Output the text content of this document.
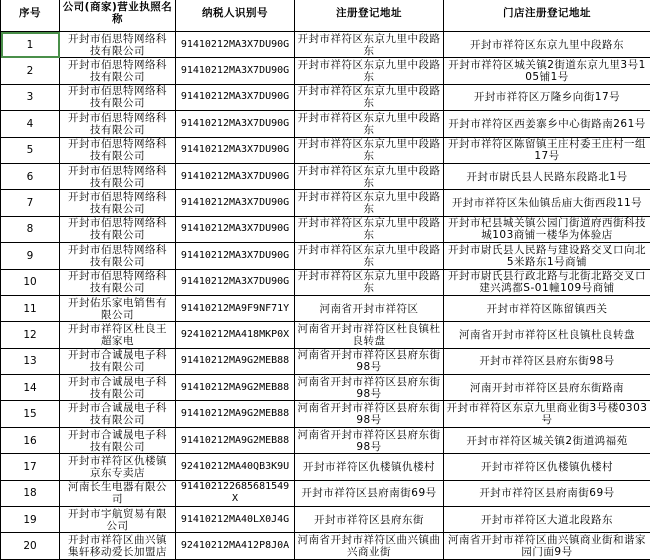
序号	公司(商家)营业执照名称	纳税人识别号	注册登记地址	门店注册登记地址
1	开封市佰思特网络科技有限公司	91410212MA3X7DU90G	开封市祥符区东京九里中段路东	开封市祥符区东京九里中段路东
2	开封市佰思特网络科技有限公司	91410212MA3X7DU90G	开封市祥符区东京九里中段路东	开封市祥符区城关镇2街道东京九里3号105铺1号
3	开封市佰思特网络科技有限公司	91410212MA3X7DU90G	开封市祥符区东京九里中段路东	开封市祥符区万隆乡向街17号
4	开封市佰思特网络科技有限公司	91410212MA3X7DU90G	开封市祥符区东京九里中段路东	开封市祥符区西姜寨乡中心街路南261号
5	开封市佰思特网络科技有限公司	91410212MA3X7DU90G	开封市祥符区东京九里中段路东	开封市祥符区陈留镇王庄村委王庄村一组17号
6	开封市佰思特网络科技有限公司	91410212MA3X7DU90G	开封市祥符区东京九里中段路东	开封市尉氏县人民路东段路北1号
7	开封市佰思特网络科技有限公司	91410212MA3X7DU90G	开封市祥符区东京九里中段路东	开封市祥符区朱仙镇岳庙大街西段11号
8	开封市佰思特网络科技有限公司	91410212MA3X7DU90G	开封市祥符区东京九里中段路东	开封市杞县城关镇公园门街道府西街科技城103商铺一楼华为体验店
9	开封市佰思特网络科技有限公司	91410212MA3X7DU90G	开封市祥符区东京九里中段路东	开封市尉氏县人民路与建设路交叉口向北5米路东1号商铺
10	开封市佰思特网络科技有限公司	91410212MA3X7DU90G	开封市祥符区东京九里中段路东	开封市尉氏县行政北路与北街北路交叉口建兴鸿都S-01幢109号商铺
11	开封佑乐家电销售有限公司	91410212MA9F9NF71Y	河南省开封市祥符区	开封市祥符区陈留镇西关
12	开封市祥符区杜良王超家电	92410212MA418MKP0X	河南省开封市祥符区杜良镇杜良转盘	河南省开封市祥符区杜良镇杜良转盘
13	开封市合诚晟电子科技有限公司	91410212MA9G2MEB88	河南省开封市祥符区县府东街98号	开封市祥符区县府东街98号
14	开封市合诚晟电子科技有限公司	91410212MA9G2MEB88	河南省开封市祥符区县府东街98号	河南开封市祥符区县府东街路南
15	开封市合诚晟电子科技有限公司	91410212MA9G2MEB88	河南省开封市祥符区县府东街98号	开封市祥符区东京九里商业街3号楼0303号
16	开封市合诚晟电子科技有限公司	91410212MA9G2MEB88	河南省开封市祥符区县府东街98号	开封市祥符区城关镇2街道鸿福苑
17	开封市祥符区仇楼镇京东专卖店	92410212MA40QB3K9U	开封市祥符区仇楼镇仇楼村	开封市祥符区仇楼镇仇楼村
18	河南长生电器有限公司	914102122685681549X	开封市祥符区县府南街69号	开封市祥符区县府南街69号
19	开封市宇航贸易有限公司	91410212MA40LX0J4G	开封市祥符区县府东街	开封市祥符区大道北段路东
20	开封市祥符区曲兴镇集轩移动爱长加盟店	92410212MA412P8J0A	河南省开封市祥符区曲兴镇曲兴商业街	河南省开封市祥符区曲兴镇商业街和谐家园门面9号
